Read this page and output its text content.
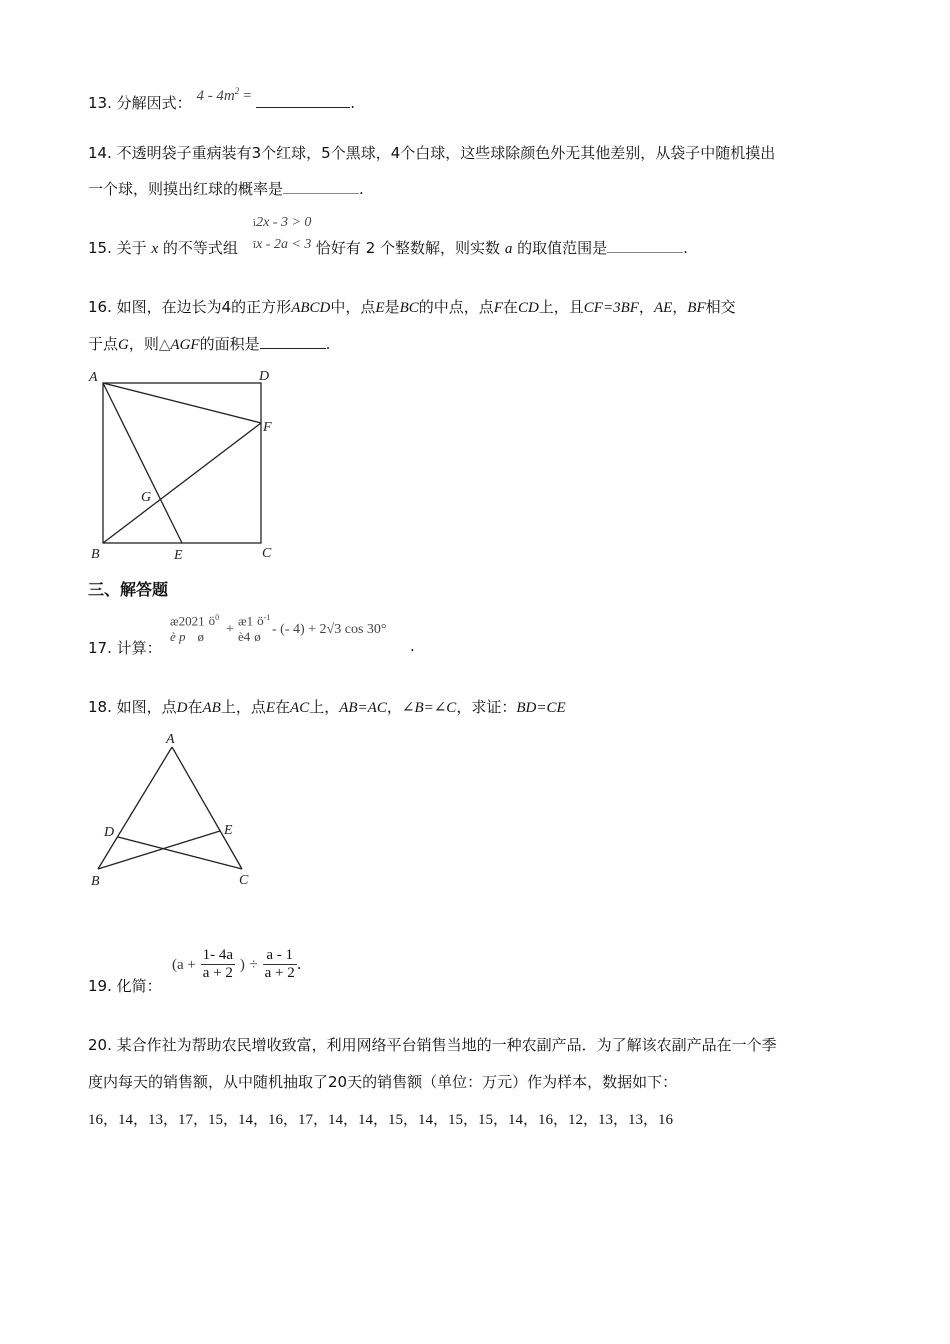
13. 分解因式： $4 - 4m^2$ =	.
14. 不透明袋子重病装有3个红球，5个黑球，4个白球，这些球除颜色外无其他差别，从袋子中随机摸出
一个球，则摸出红球的概率是	.
ì2x - 3 > 0
îx - 2a < 3
15. 关于 x 的不等式组	恰好有 2 个整数解，则实数 a 的取值范围是	.
16. 如图，在边长为4的正方形ABCD中，点E是BC的中点，点F在CD上，且CF=3BF，AE，BF相交
于点G，则△AGF的面积是	.
A	D
F
G
B	E	C
三、解答题
æ2021 $ö^0$
è p ø	+
æ1 $ö^{-1}$
è4 ø
17. 计算：
- (- 4) + 2√3 cos 30°
.
18. 如图，点D在AB上，点E在AC上，AB=AC，∠B=∠C，求证：BD=CE
A
D	E
B	C
19. 化简：
($a + \frac{1- 4a}{a + 2}$ ) ÷ $\frac{a - 1}{a + 2}$ .
20. 某合作社为帮助农民增收致富，利用网络平台销售当地的一种农副产品．为了解该农副产品在一个季
度内每天的销售额，从中随机抽取了20天的销售额（单位：万元）作为样本，数据如下：
16，14，13，17，15，14，16，17，14，14，15，14，15，15，14，16，12，13，13，16
